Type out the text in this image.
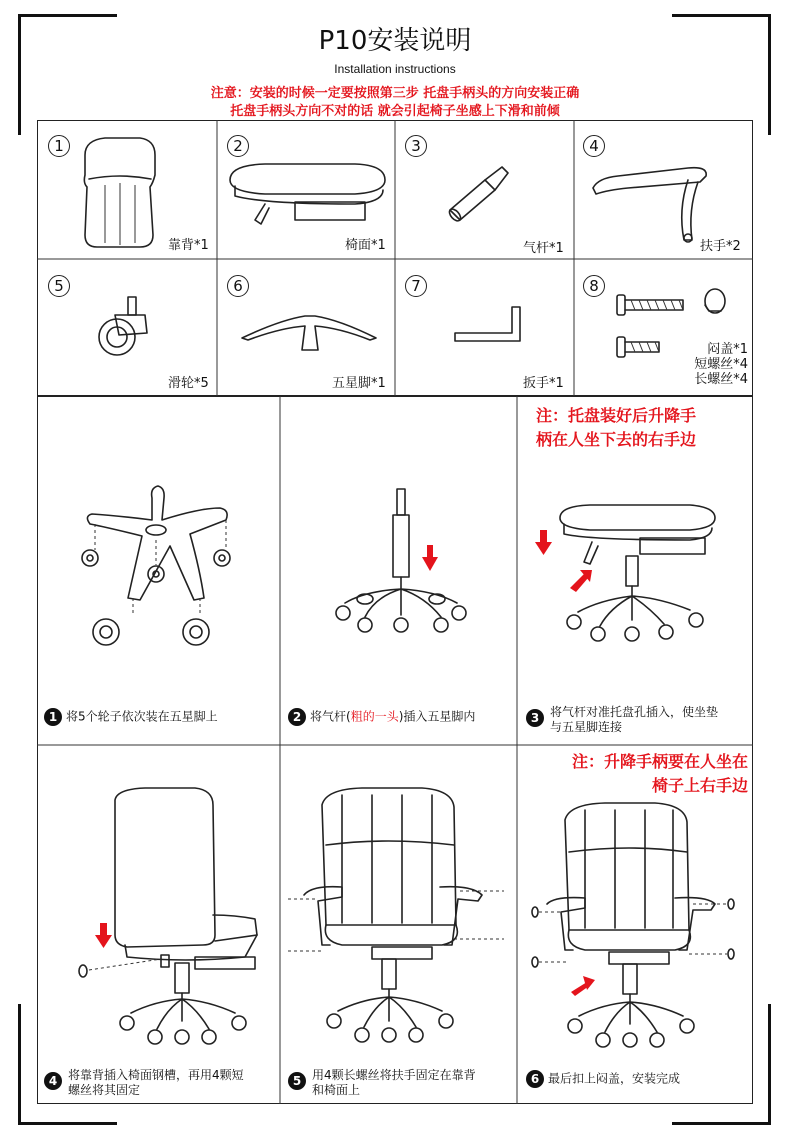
P10安装说明
Installation instructions
注意：安装的时候一定要按照第三步 托盘手柄头的方向安装正确
托盘手柄头方向不对的话 就会引起椅子坐感上下滑和前倾
1
靠背*1
2
椅面*1
3
气杆*1
4
扶手*2
5
滑轮*5
6
五星脚*1
7
扳手*1
8
闷盖*1
短螺丝*4
长螺丝*4
1 将5个轮子依次装在五星脚上	2 将气杆(粗的一头)插入五星脚内
注：托盘装好后升降手
柄在人坐下去的右手边
3 将气杆对准托盘孔插入，使坐垫
与五星脚连接
4 将靠背插入椅面钢槽，再用4颗短
螺丝将其固定
5 用4颗长螺丝将扶手固定在靠背
和椅面上
注：升降手柄要在人坐在
椅子上右手边
6 最后扣上闷盖，安装完成
